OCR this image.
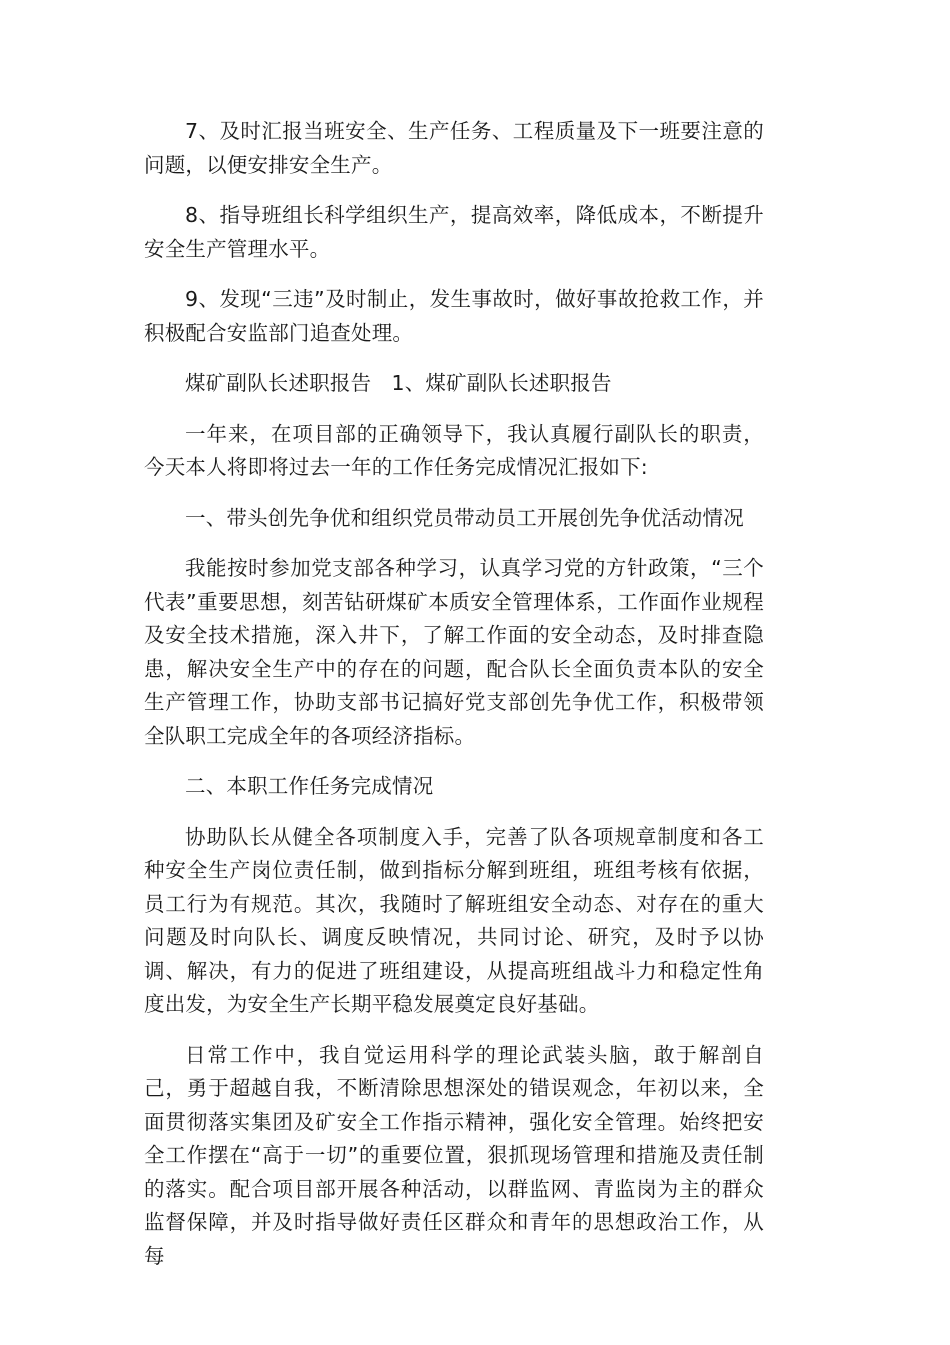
7、及时汇报当班安全、生产任务、工程质量及下一班要注意的问题，以便安排安全生产。

8、指导班组长科学组织生产，提高效率，降低成本，不断提升安全生产管理水平。

9、发现“三违”及时制止，发生事故时，做好事故抢救工作，并积极配合安监部门追查处理。

煤矿副队长述职报告   1、煤矿副队长述职报告

一年来，在项目部的正确领导下，我认真履行副队长的职责，今天本人将即将过去一年的工作任务完成情况汇报如下:

一、带头创先争优和组织党员带动员工开展创先争优活动情况

我能按时参加党支部各种学习，认真学习党的方针政策，“三个代表”重要思想，刻苦钻研煤矿本质安全管理体系，工作面作业规程及安全技术措施，深入井下，了解工作面的安全动态，及时排查隐患，解决安全生产中的存在的问题，配合队长全面负责本队的安全生产管理工作，协助支部书记搞好党支部创先争优工作，积极带领全队职工完成全年的各项经济指标。

二、本职工作任务完成情况

协助队长从健全各项制度入手，完善了队各项规章制度和各工种安全生产岗位责任制，做到指标分解到班组，班组考核有依据，员工行为有规范。其次，我随时了解班组安全动态、对存在的重大问题及时向队长、调度反映情况，共同讨论、研究，及时予以协调、解决，有力的促进了班组建设，从提高班组战斗力和稳定性角度出发，为安全生产长期平稳发展奠定良好基础。

日常工作中，我自觉运用科学的理论武装头脑，敢于解剖自己，勇于超越自我，不断清除思想深处的错误观念，年初以来，全面贯彻落实集团及矿安全工作指示精神，强化安全管理。始终把安全工作摆在“高于一切”的重要位置，狠抓现场管理和措施及责任制的落实。配合项目部开展各种活动，以群监网、青监岗为主的群众监督保障，并及时指导做好责任区群众和青年的思想政治工作，从每
